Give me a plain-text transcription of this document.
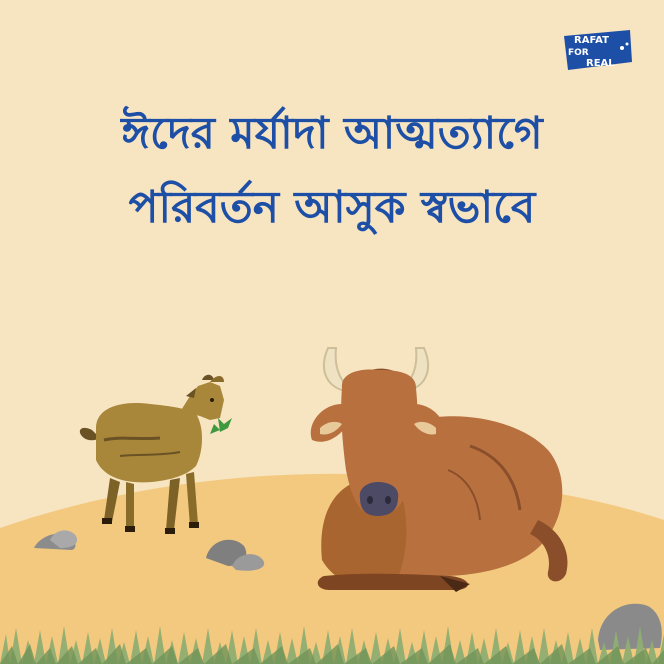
ঈদের মর্যাদা আত্মত্যাগে
পরিবর্তন আসুক স্বভাবে
RAFAT
FOR
REAL
